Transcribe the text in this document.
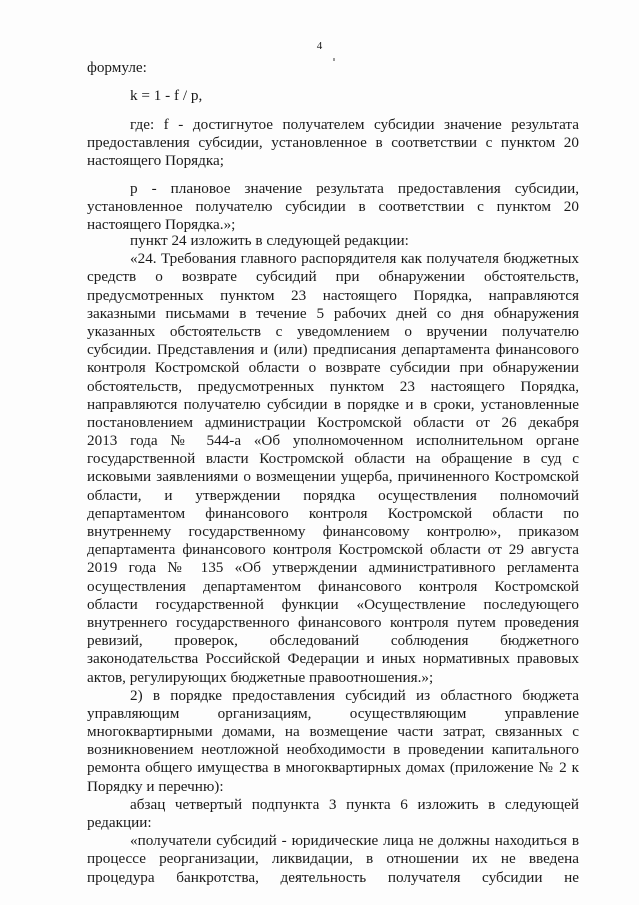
4
формуле:
k = 1 - f / p,
где: f - достигнутое получателем субсидии значение результата
предоставления субсидии, установленное в соответствии с пунктом 20
настоящего Порядка;
p - плановое значение результата предоставления субсидии,
установленное получателю субсидии в соответствии с пунктом 20
настоящего Порядка.»;
пункт 24 изложить в следующей редакции:
«24. Требования главного распорядителя как получателя бюджетных
средств о возврате субсидий при обнаружении обстоятельств,
предусмотренных пунктом 23 настоящего Порядка, направляются
заказными письмами в течение 5 рабочих дней со дня обнаружения
указанных обстоятельств с уведомлением о вручении получателю
субсидии. Представления и (или) предписания департамента финансового
контроля Костромской области о возврате субсидии при обнаружении
обстоятельств, предусмотренных пунктом 23 настоящего Порядка,
направляются получателю субсидии в порядке и в сроки, установленные
постановлением администрации Костромской области от 26 декабря
2013 года № 544-а «Об уполномоченном исполнительном органе
государственной власти Костромской области на обращение в суд с
исковыми заявлениями о возмещении ущерба, причиненного Костромской
области, и утверждении порядка осуществления полномочий
департаментом финансового контроля Костромской области по
внутреннему государственному финансовому контролю», приказом
департамента финансового контроля Костромской области от 29 августа
2019 года № 135 «Об утверждении административного регламента
осуществления департаментом финансового контроля Костромской
области государственной функции «Осуществление последующего
внутреннего государственного финансового контроля путем проведения
ревизий, проверок, обследований соблюдения бюджетного
законодательства Российской Федерации и иных нормативных правовых
актов, регулирующих бюджетные правоотношения.»;
2) в порядке предоставления субсидий из областного бюджета
управляющим организациям, осуществляющим управление
многоквартирными домами, на возмещение части затрат, связанных с
возникновением неотложной необходимости в проведении капитального
ремонта общего имущества в многоквартирных домах (приложение № 2 к
Порядку и перечню):
абзац четвертый подпункта 3 пункта 6 изложить в следующей
редакции:
«получатели субсидий - юридические лица не должны находиться в
процессе реорганизации, ликвидации, в отношении их не введена
процедура банкротства, деятельность получателя субсидии не
